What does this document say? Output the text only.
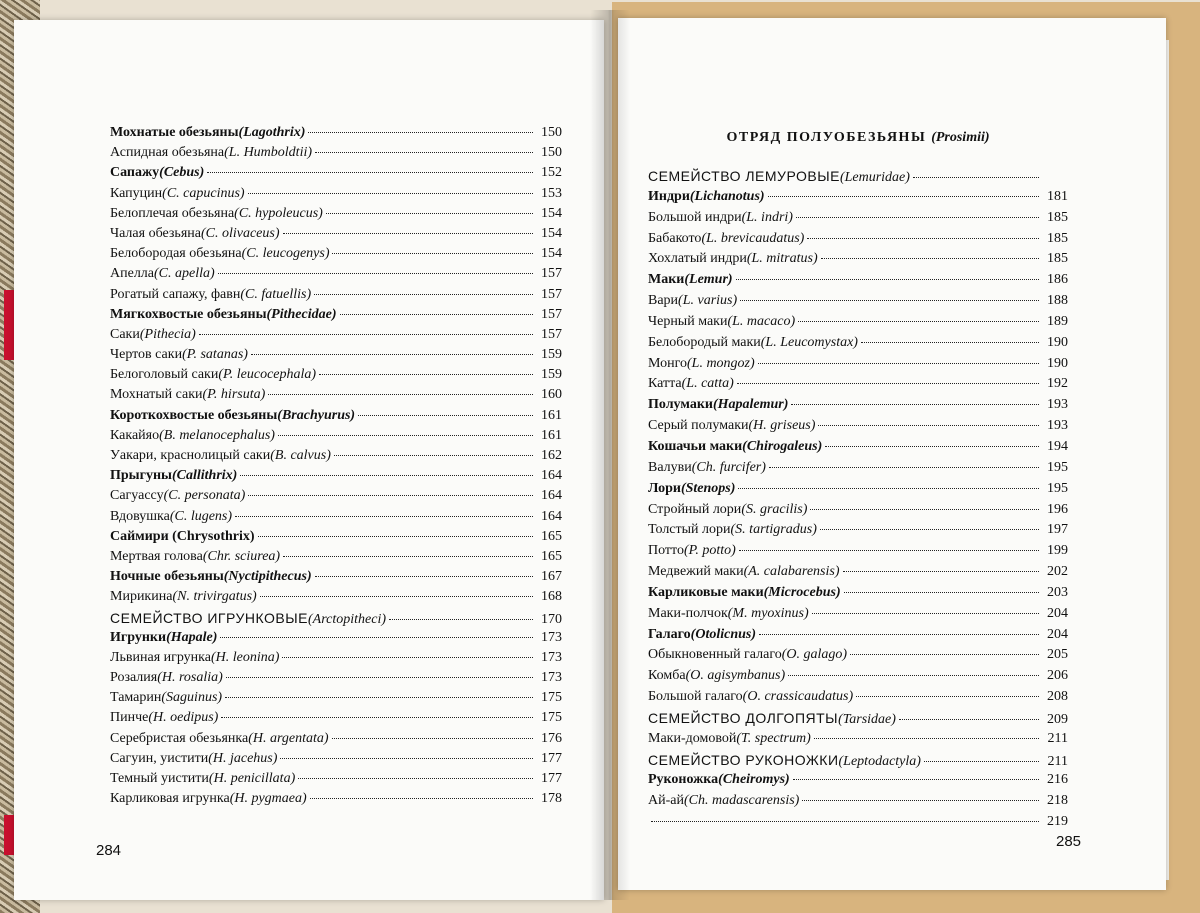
Мохнатые обезьяны (Lagothrix)	150
Аспидная обезьяна (L. Humboldtii)	150
Сапажу (Cebus)	152
Капуцин (C. capucinus)	153
Белоплечая обезьяна (C. hypoleucus)	154
Чалая обезьяна (C. olivaceus)	154
Белобородая обезьяна (C. leucogenys)	154
Апелла (C. apella)	157
Рогатый сапажу, фавн (C. fatuellis)	157
Мягкохвостые обезьяны (Pithecidae)	157
Саки (Pithecia)	157
Чертов саки (P. satanas)	159
Белоголовый саки (P. leucocephala)	159
Мохнатый саки (P. hirsuta)	160
Короткохвостые обезьяны (Brachyurus)	161
Какайяо (B. melanocephalus)	161
Уакари, краснолицый саки (B. calvus)	162
Прыгуны (Callithrix)	164
Сагуассу (C. personata)	164
Вдовушка (C. lugens)	164
Саймири (Chrysothrix)	165
Мертвая голова (Chr. sciurea)	165
Ночные обезьяны (Nyctipithecus)	167
Мирикина (N. trivirgatus)	168
СЕМЕЙСТВО ИГРУНКОВЫЕ (Arctopitheci)	170
Игрунки (Hapale)	173
Львиная игрунка (H. leonina)	173
Розалия (H. rosalia)	173
Тамарин (Saguinus)	175
Пинче (H. oedipus)	175
Серебристая обезьянка (H. argentata)	176
Сагуин, уистити (H. jacehus)	177
Темный уистити (H. penicillata)	177
Карликовая игрунка (H. pygmaea)	178
ОТРЯД ПОЛУОБЕЗЬЯНЫ (Prosimii)
СЕМЕЙСТВО ЛЕМУРОВЫЕ (Lemuridae)
Индри (Lichanotus)	181
Большой индри (L. indri)	185
Бабакото (L. brevicaudatus)	185
Хохлатый индри (L. mitratus)	185
Маки (Lemur)	186
Вари (L. varius)	188
Черный маки (L. macaco)	189
Белобородый маки (L. Leucomystax)	190
Монго (L. mongoz)	190
Катта (L. catta)	192
Полумаки (Hapalemur)	193
Серый полумаки (H. griseus)	193
Кошачьи маки (Chirogaleus)	194
Валуви (Ch. furcifer)	195
Лори (Stenops)	195
Стройный лори (S. gracilis)	196
Толстый лори (S. tartigradus)	197
Потто (P. potto)	199
Медвежий маки (A. calabarensis)	202
Карликовые маки (Microcebus)	203
Маки-полчок (M. myoxinus)	204
Галаго (Otolicnus)	204
Обыкновенный галаго (O. galago)	205
Комба (O. agisymbanus)	206
Большой галаго (O. crassicaudatus)	208
СЕМЕЙСТВО ДОЛГОПЯТЫ (Tarsidae)	209
Маки-домовой (T. spectrum)	211
СЕМЕЙСТВО РУКОНОЖКИ (Leptodactyla)	211
Руконожка (Cheiromys)	216
Ай-ай (Ch. madascarensis)	218
219
284
285
